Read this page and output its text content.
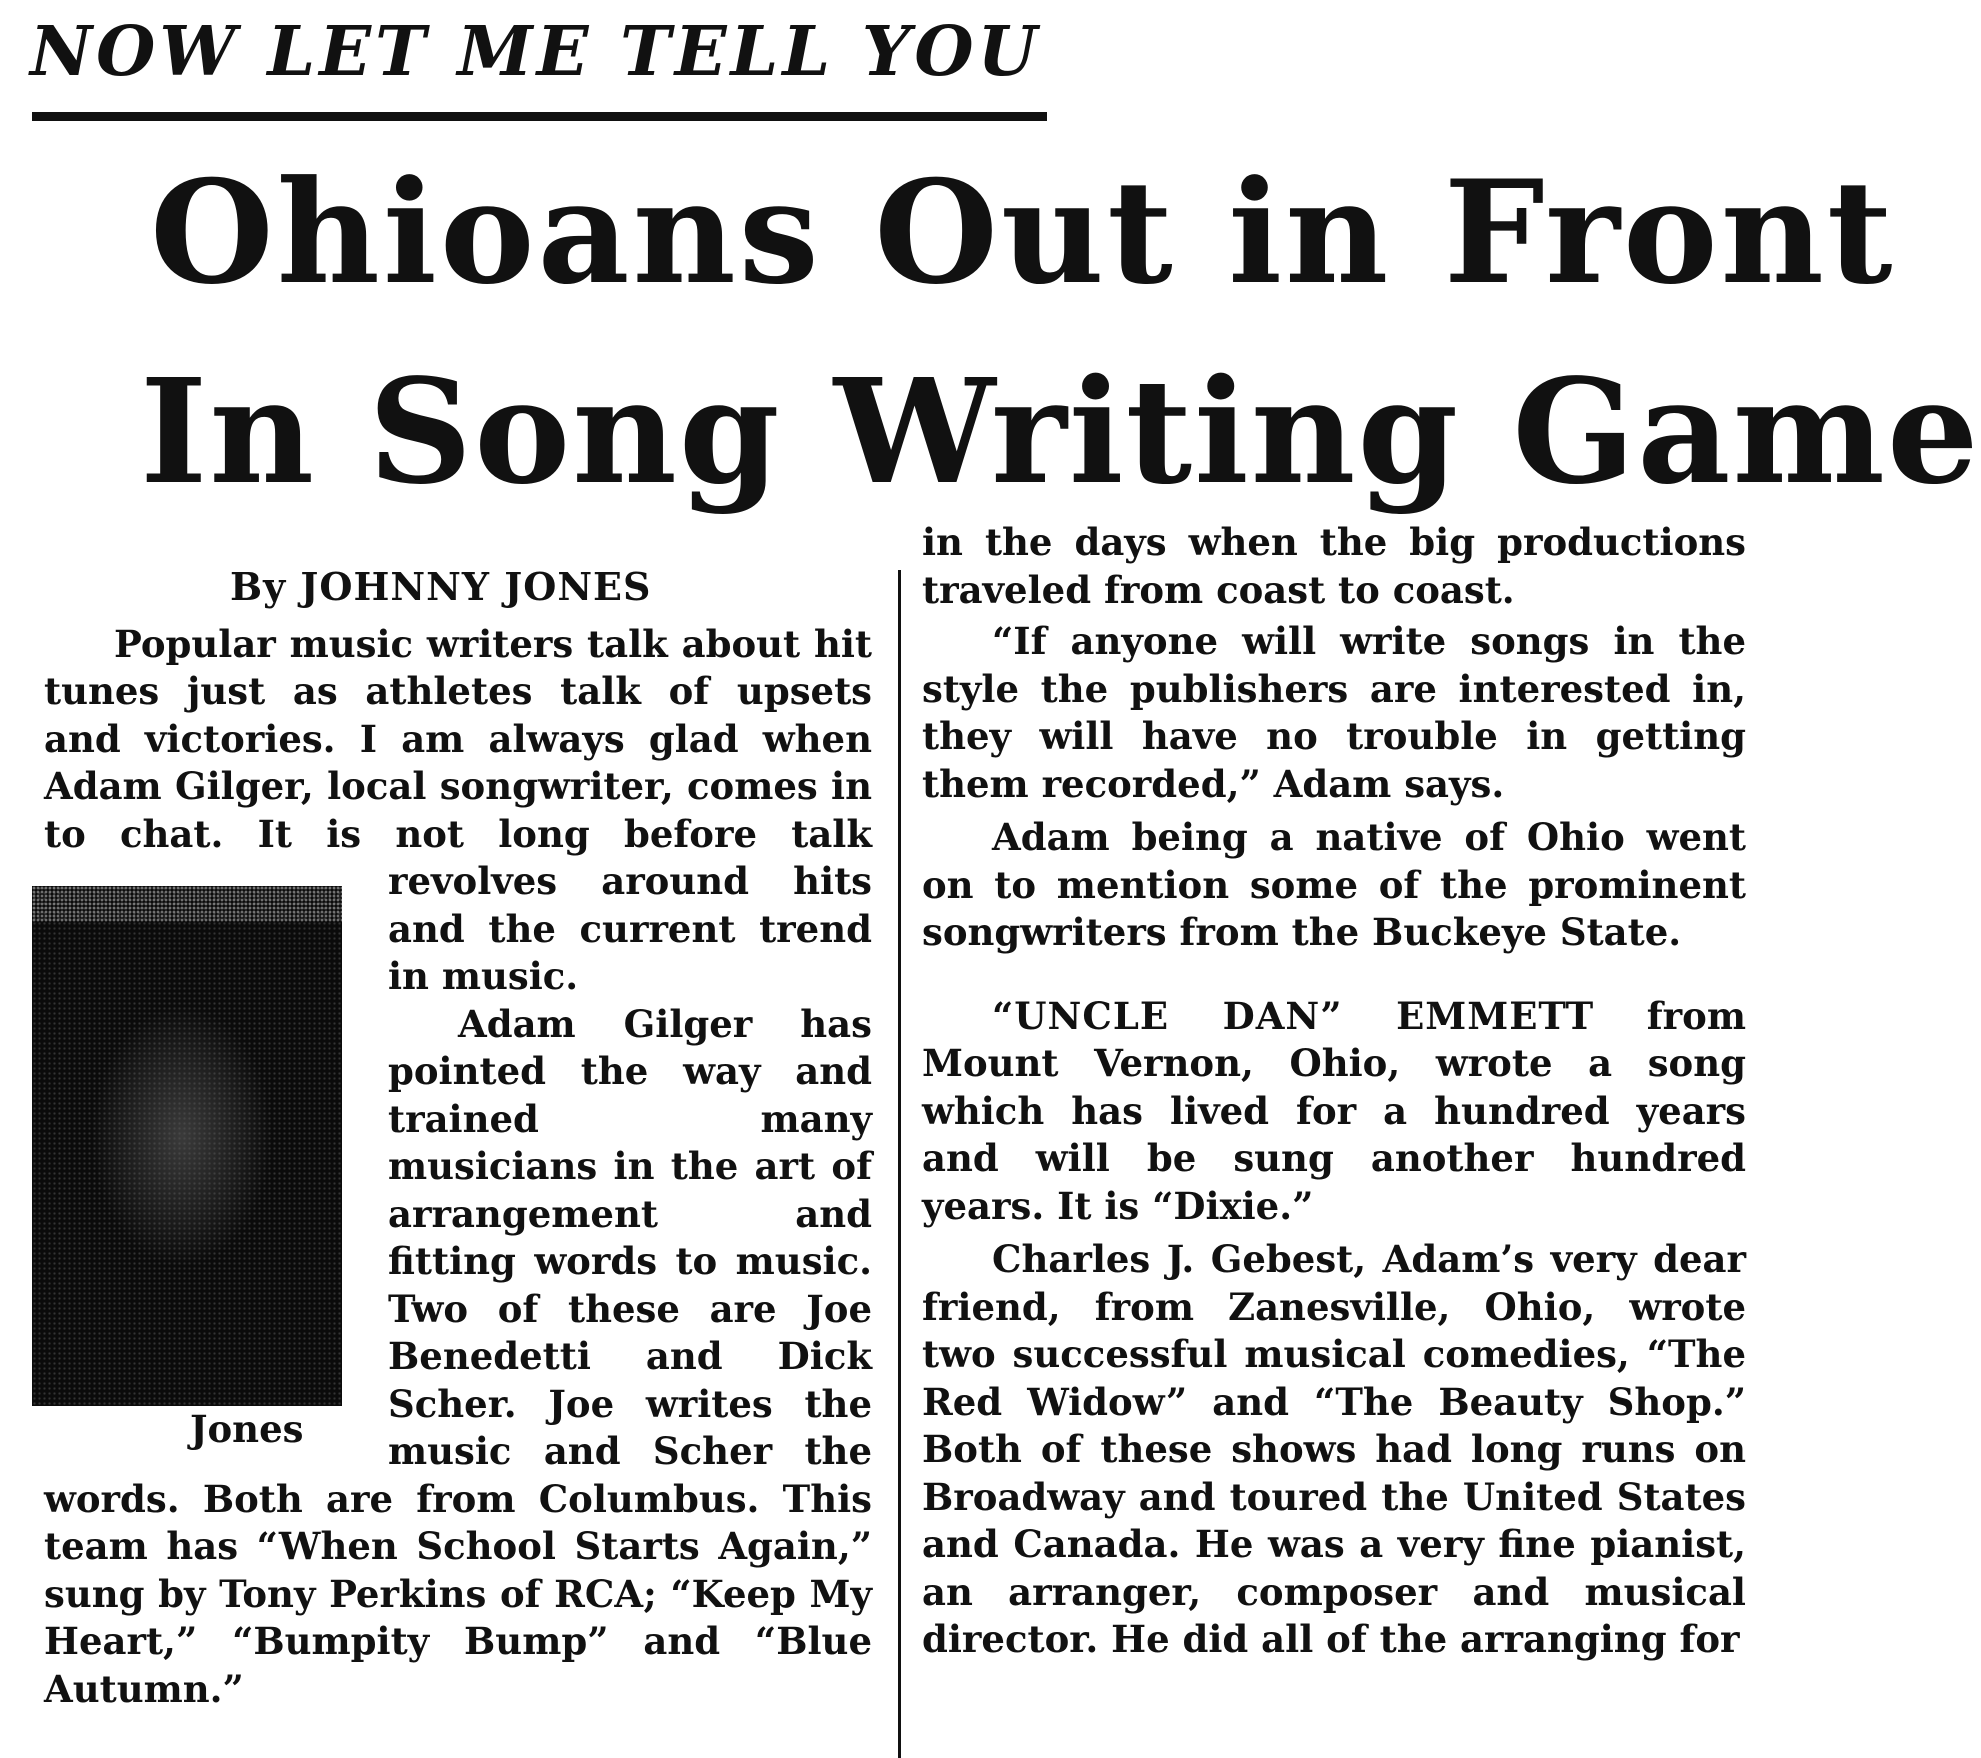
NOW LET ME TELL YOU
Ohioans Out in Front
In Song Writing Game

By JOHNNY JONES

Popular music writers talk about hit tunes just as athletes talk of upsets and victories. I am always glad when Adam Gilger, local songwriter, comes in to chat. It is not long before talk
Jones
revolves around hits and the current trend in music.

Adam Gilger has pointed the way and trained many musicians in the art of arrangement and fitting words to music. Two of these are Joe Benedetti and Dick Scher. Joe writes the music and Scher the words. Both are from Columbus. This team has “When School Starts Again,” sung by Tony Perkins of RCA; “Keep My Heart,” “Bumpity Bump” and “Blue Autumn.”

in the days when the big productions traveled from coast to coast.

“If anyone will write songs in the style the publishers are interested in, they will have no trouble in getting them recorded,” Adam says.

Adam being a native of Ohio went on to mention some of the prominent songwriters from the Buckeye State.

“UNCLE DAN” EMMETT from Mount Vernon, Ohio, wrote a song which has lived for a hundred years and will be sung another hundred years. It is “Dixie.”

Charles J. Gebest, Adam’s very dear friend, from Zanesville, Ohio, wrote two successful musical comedies, “The Red Widow” and “The Beauty Shop.” Both of these shows had long runs on Broadway and toured the United States and Canada. He was a very fine pianist, an arranger, composer and musical director. He did all of the arranging for
